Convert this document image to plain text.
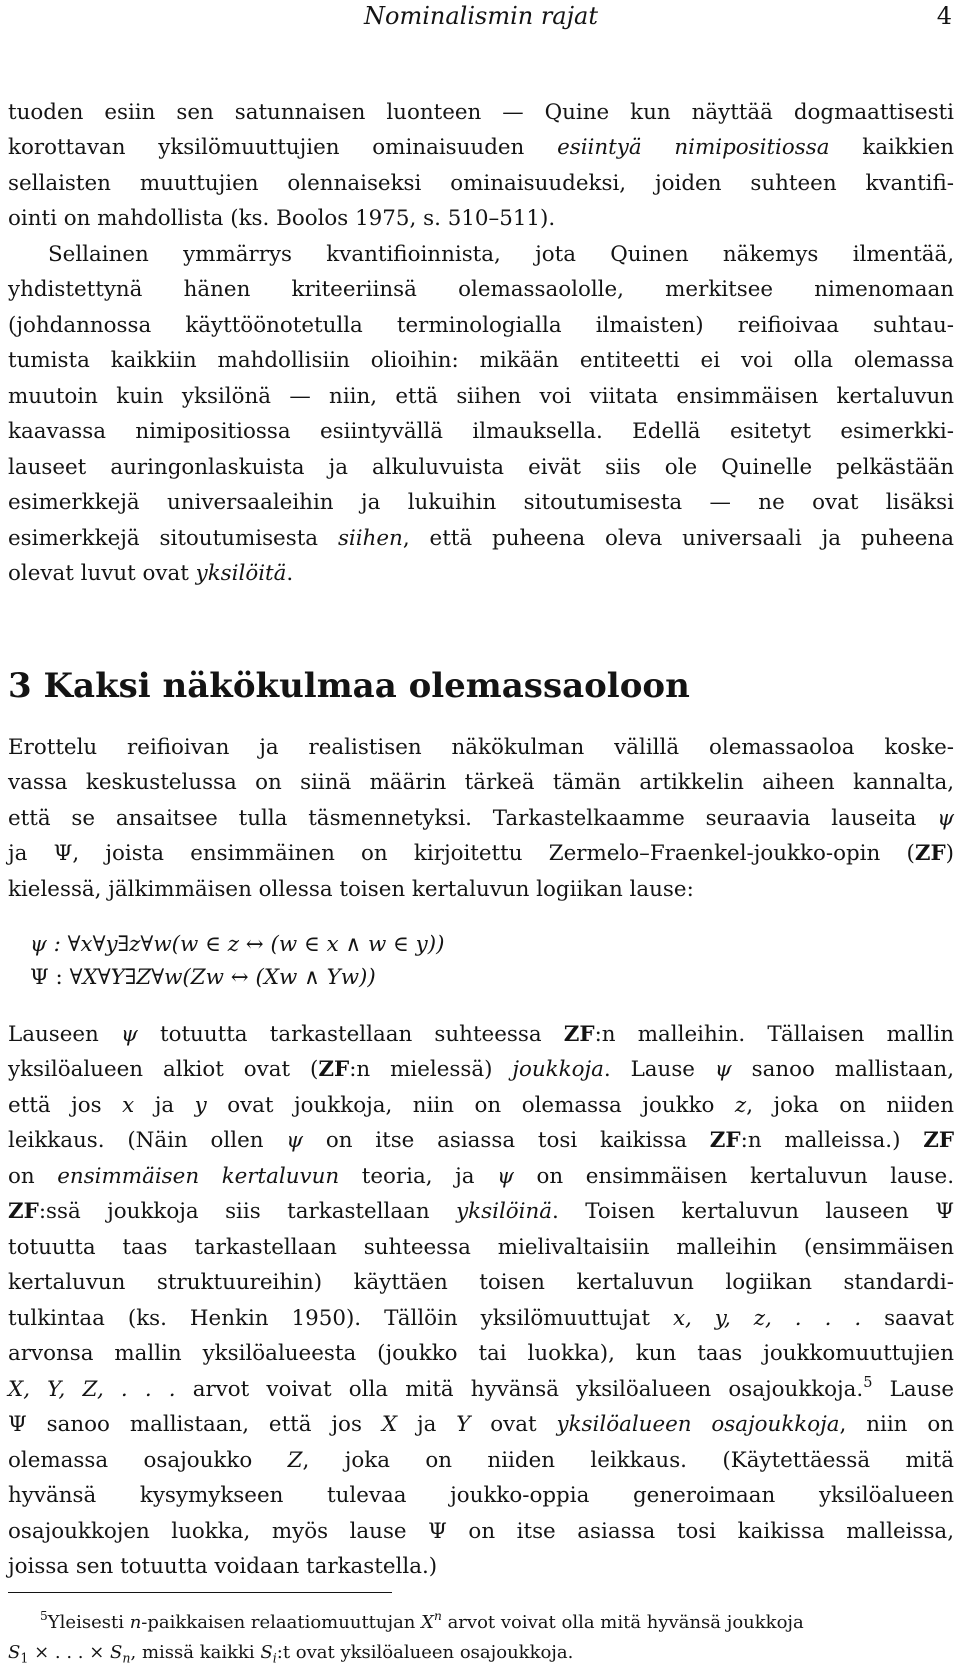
Nominalismin rajat	4
tuoden esiin sen satunnaisen luonteen — Quine kun näyttää dogmaattisesti
korottavan yksilömuuttujien ominaisuuden esiintyä nimipositiossa kaikkien
sellaisten muuttujien olennaiseksi ominaisuudeksi, joiden suhteen kvantifi-
ointi on mahdollista (ks. Boolos 1975, s. 510–511).
Sellainen ymmärrys kvantifioinnista, jota Quinen näkemys ilmentää,
yhdistettynä hänen kriteeriinsä olemassaololle, merkitsee nimenomaan
(johdannossa käyttöönotetulla terminologialla ilmaisten) reifioivaa suhtau-
tumista kaikkiin mahdollisiin olioihin: mikään entiteetti ei voi olla olemassa
muutoin kuin yksilönä — niin, että siihen voi viitata ensimmäisen kertaluvun
kaavassa nimipositiossa esiintyvällä ilmauksella. Edellä esitetyt esimerkki-
lauseet auringonlaskuista ja alkuluvuista eivät siis ole Quinelle pelkästään
esimerkkejä universaaleihin ja lukuihin sitoutumisesta — ne ovat lisäksi
esimerkkejä sitoutumisesta siihen, että puheena oleva universaali ja puheena
olevat luvut ovat yksilöitä.
3 Kaksi näkökulmaa olemassaoloon
Erottelu reifioivan ja realistisen näkökulman välillä olemassaoloa koske-
vassa keskustelussa on siinä määrin tärkeä tämän artikkelin aiheen kannalta,
että se ansaitsee tulla täsmennetyksi. Tarkastelkaamme seuraavia lauseita ψ
ja Ψ, joista ensimmäinen on kirjoitettu Zermelo–Fraenkel-joukko-opin (ZF)
kielessä, jälkimmäisen ollessa toisen kertaluvun logiikan lause:
ψ : ∀x∀y∃z∀w(w ∈ z ↔ (w ∈ x ∧ w ∈ y))
Ψ : ∀X∀Y∃Z∀w(Zw ↔ (Xw ∧ Yw))
Lauseen ψ totuutta tarkastellaan suhteessa ZF:n malleihin. Tällaisen mallin
yksilöalueen alkiot ovat (ZF:n mielessä) joukkoja. Lause ψ sanoo mallistaan,
että jos x ja y ovat joukkoja, niin on olemassa joukko z, joka on niiden
leikkaus. (Näin ollen ψ on itse asiassa tosi kaikissa ZF:n malleissa.) ZF
on ensimmäisen kertaluvun teoria, ja ψ on ensimmäisen kertaluvun lause.
ZF:ssä joukkoja siis tarkastellaan yksilöinä. Toisen kertaluvun lauseen Ψ
totuutta taas tarkastellaan suhteessa mielivaltaisiin malleihin (ensimmäisen
kertaluvun struktuureihin) käyttäen toisen kertaluvun logiikan standardi-
tulkintaa (ks. Henkin 1950). Tällöin yksilömuuttujat x, y, z, . . . saavat
arvonsa mallin yksilöalueesta (joukko tai luokka), kun taas joukkomuuttujien
X, Y, Z, . . . arvot voivat olla mitä hyvänsä yksilöalueen osajoukkoja.$^5$ Lause
Ψ sanoo mallistaan, että jos X ja Y ovat yksilöalueen osajoukkoja, niin on
olemassa osajoukko Z, joka on niiden leikkaus. (Käytettäessä mitä
hyvänsä kysymykseen tulevaa joukko-oppia generoimaan yksilöalueen
osajoukkojen luokka, myös lause Ψ on itse asiassa tosi kaikissa malleissa,
joissa sen totuutta voidaan tarkastella.)
$^5$Yleisesti n-paikkaisen relaatiomuuttujan $X^n$ arvot voivat olla mitä hyvänsä joukkoja
$S_1$ × . . . × $S_n$, missä kaikki $S_i:t$ ovat yksilöalueen osajoukkoja.
